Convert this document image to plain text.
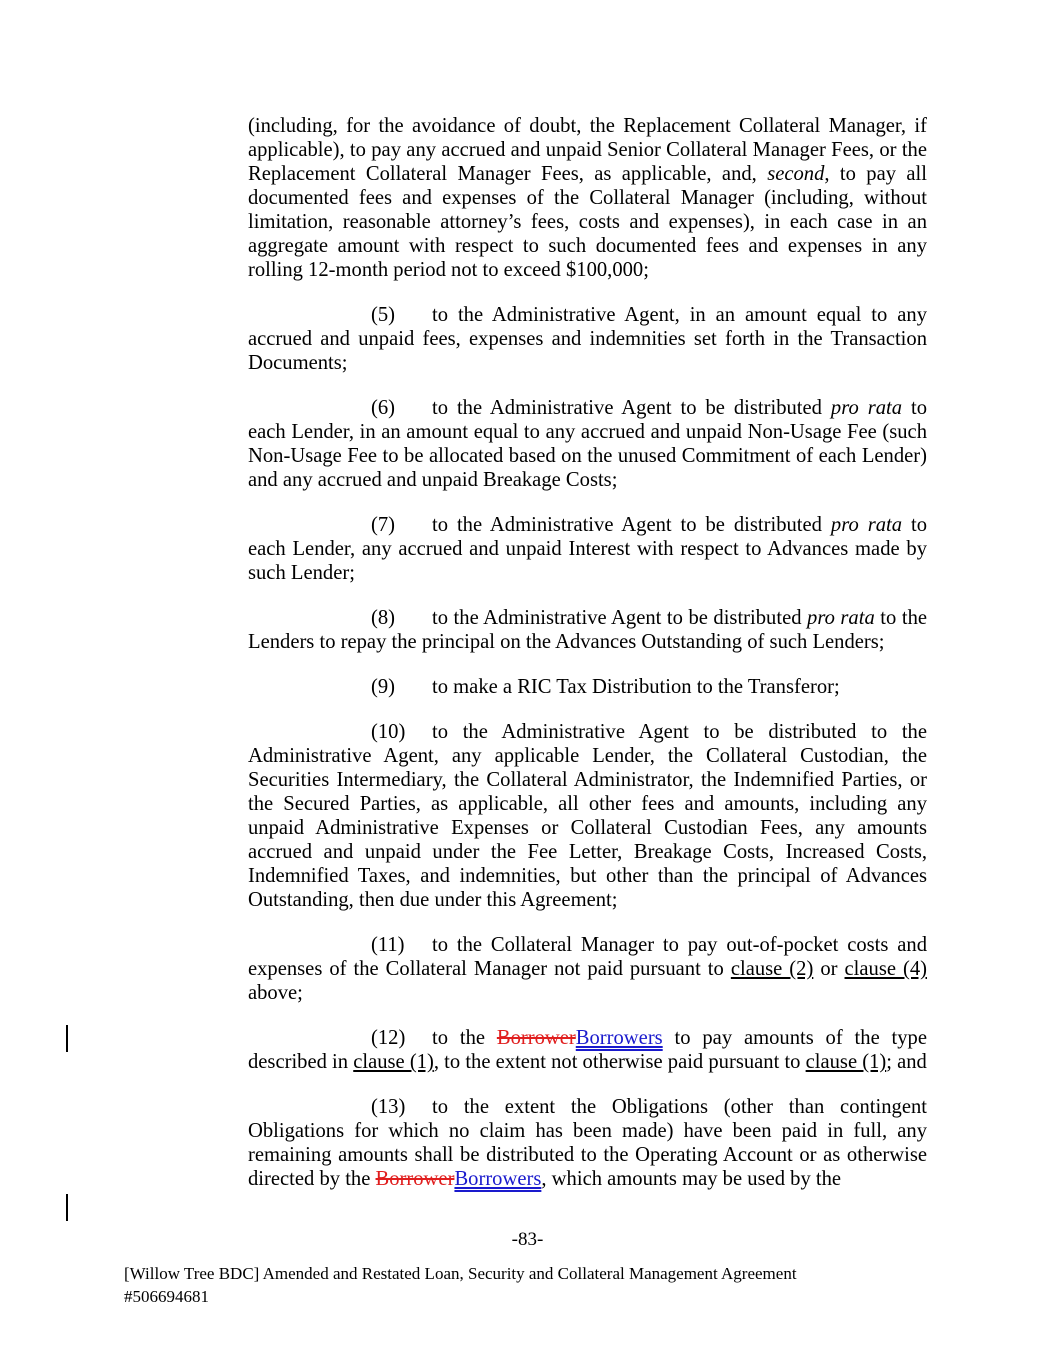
(including, for the avoidance of doubt, the Replacement Collateral Manager, if applicable), to pay any accrued and unpaid Senior Collateral Manager Fees, or the Replacement Collateral Manager Fees, as applicable, and, second, to pay all documented fees and expenses of the Collateral Manager (including, without limitation, reasonable attorney’s fees, costs and expenses), in each case in an aggregate amount with respect to such documented fees and expenses in any rolling 12-month period not to exceed $100,000;

(5) to the Administrative Agent, in an amount equal to any accrued and unpaid fees, expenses and indemnities set forth in the Transaction Documents;

(6) to the Administrative Agent to be distributed pro rata to each Lender, in an amount equal to any accrued and unpaid Non-Usage Fee (such Non-Usage Fee to be allocated based on the unused Commitment of each Lender) and any accrued and unpaid Breakage Costs;

(7) to the Administrative Agent to be distributed pro rata to each Lender, any accrued and unpaid Interest with respect to Advances made by such Lender;

(8) to the Administrative Agent to be distributed pro rata to the Lenders to repay the principal on the Advances Outstanding of such Lenders;

(9) to make a RIC Tax Distribution to the Transferor;

(10) to the Administrative Agent to be distributed to the Administrative Agent, any applicable Lender, the Collateral Custodian, the Securities Intermediary, the Collateral Administrator, the Indemnified Parties, or the Secured Parties, as applicable, all other fees and amounts, including any unpaid Administrative Expenses or Collateral Custodian Fees, any amounts accrued and unpaid under the Fee Letter, Breakage Costs, Increased Costs, Indemnified Taxes, and indemnities, but other than the principal of Advances Outstanding, then due under this Agreement;

(11) to the Collateral Manager to pay out-of-pocket costs and expenses of the Collateral Manager not paid pursuant to clause (2) or clause (4) above;

(12) to the BorrowerBorrowers to pay amounts of the type described in clause (1), to the extent not otherwise paid pursuant to clause (1); and

(13) to the extent the Obligations (other than contingent Obligations for which no claim has been made) have been paid in full, any remaining amounts shall be distributed to the Operating Account or as otherwise directed by the BorrowerBorrowers, which amounts may be used by the

-83-
[Willow Tree BDC] Amended and Restated Loan, Security and Collateral Management Agreement
#506694681
